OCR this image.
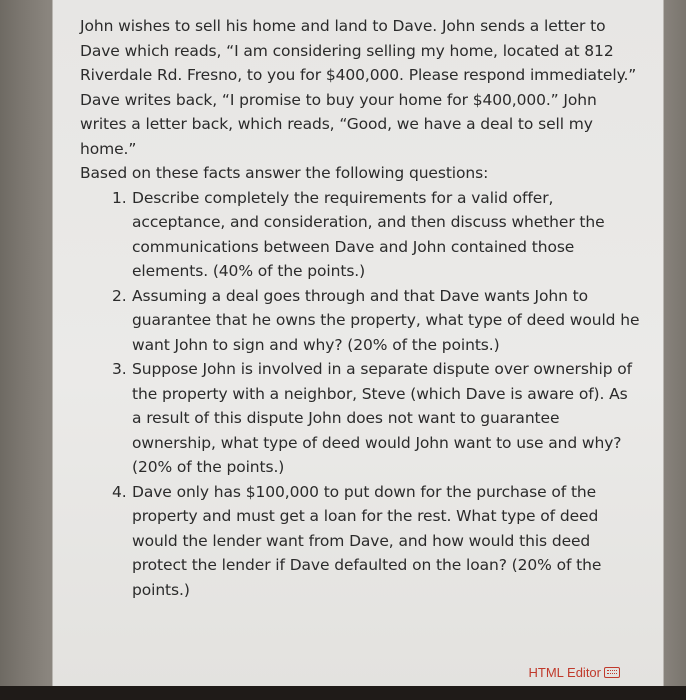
John wishes to sell his home and land to Dave. John sends a letter to Dave which reads, “I am considering selling my home, located at 812 Riverdale Rd. Fresno, to you for $400,000. Please respond immediately.” Dave writes back, “I promise to buy your home for $400,000.” John writes a letter back, which reads, “Good, we have a deal to sell my home.”

Based on these facts answer the following questions:

1. Describe completely the requirements for a valid offer, acceptance, and consideration, and then discuss whether the communications between Dave and John contained those elements. (40% of the points.)
2. Assuming a deal goes through and that Dave wants John to guarantee that he owns the property, what type of deed would he want John to sign and why? (20% of the points.)
3. Suppose John is involved in a separate dispute over ownership of the property with a neighbor, Steve (which Dave is aware of). As a result of this dispute John does not want to guarantee ownership, what type of deed would John want to use and why? (20% of the points.)
4. Dave only has $100,000 to put down for the purchase of the property and must get a loan for the rest. What type of deed would the lender want from Dave, and how would this deed protect the lender if Dave defaulted on the loan? (20% of the points.)
HTML Editor
